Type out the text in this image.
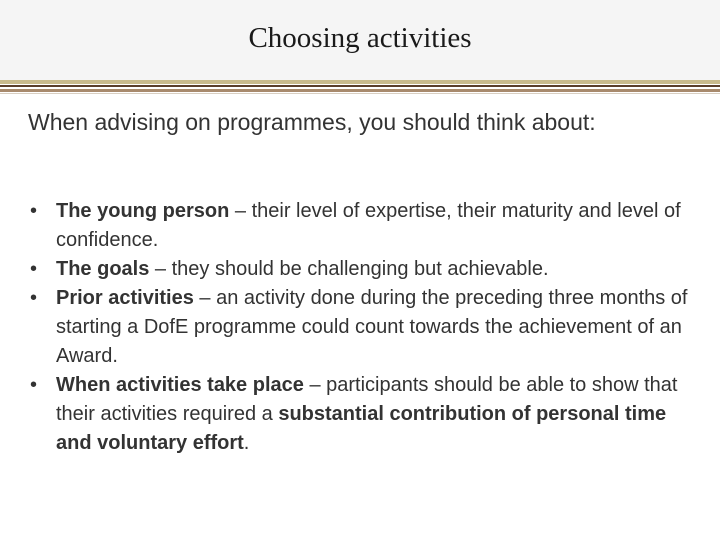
Choosing activities
When advising on programmes, you should think about:
• The young person – their level of expertise, their maturity and level of confidence.
• The goals – they should be challenging but achievable.
• Prior activities – an activity done during the preceding three months of starting a DofE programme could count towards the achievement of an Award.
• When activities take place – participants should be able to show that their activities required a substantial contribution of personal time and voluntary effort.
